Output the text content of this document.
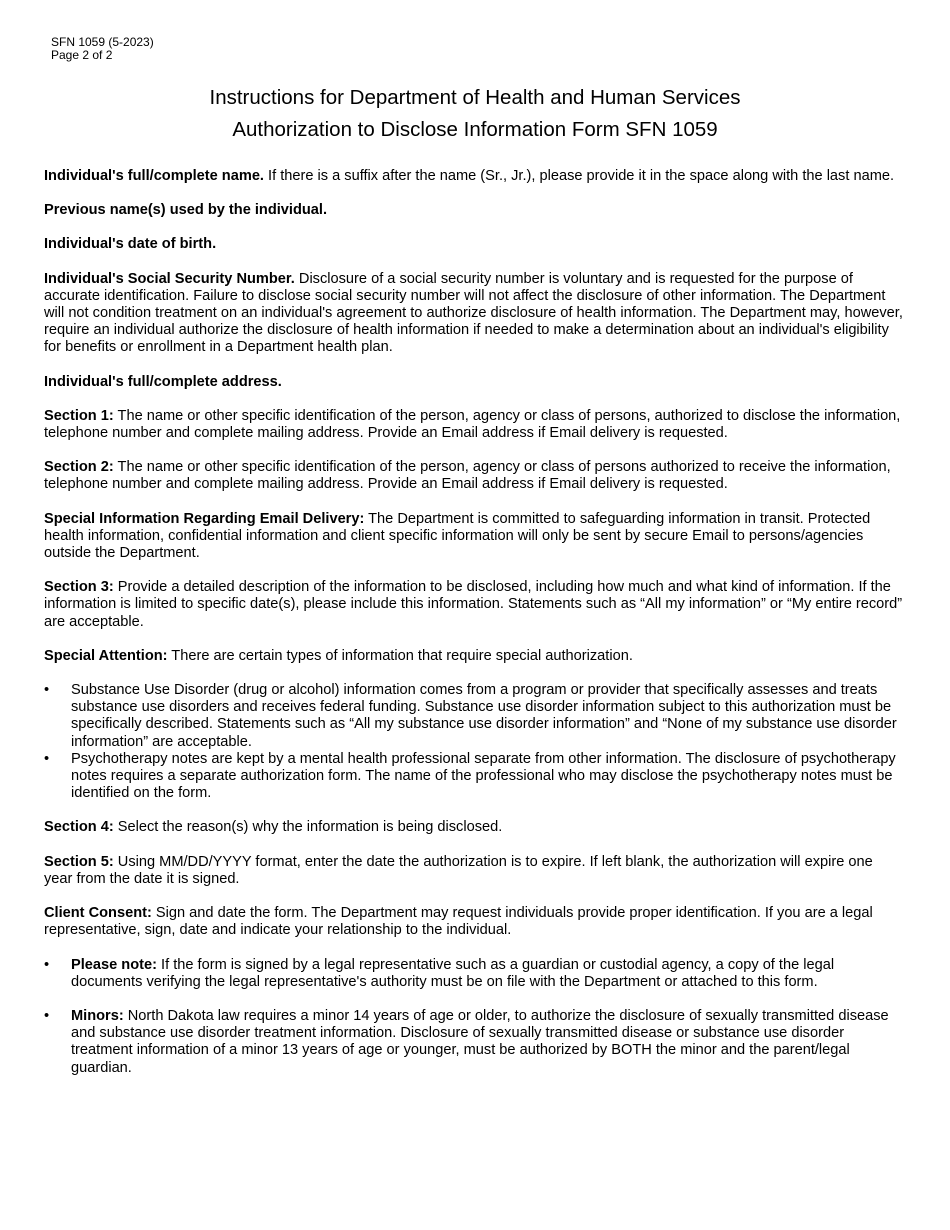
SFN 1059 (5-2023)
Page 2 of 2
Instructions for Department of Health and Human Services
Authorization to Disclose Information Form SFN 1059

Individual's full/complete name. If there is a suffix after the name (Sr., Jr.), please provide it in the space along with the last name.

Previous name(s) used by the individual.

Individual's date of birth.

Individual's Social Security Number. Disclosure of a social security number is voluntary and is requested for the purpose of accurate identification. Failure to disclose social security number will not affect the disclosure of other information. The Department will not condition treatment on an individual's agreement to authorize disclosure of health information. The Department may, however, require an individual authorize the disclosure of health information if needed to make a determination about an individual's eligibility for benefits or enrollment in a Department health plan.

Individual's full/complete address.

Section 1: The name or other specific identification of the person, agency or class of persons, authorized to disclose the information, telephone number and complete mailing address. Provide an Email address if Email delivery is requested.

Section 2: The name or other specific identification of the person, agency or class of persons authorized to receive the information, telephone number and complete mailing address. Provide an Email address if Email delivery is requested.

Special Information Regarding Email Delivery: The Department is committed to safeguarding information in transit. Protected health information, confidential information and client specific information will only be sent by secure Email to persons/agencies outside the Department.

Section 3: Provide a detailed description of the information to be disclosed, including how much and what kind of information. If the information is limited to specific date(s), please include this information. Statements such as “All my information” or “My entire record” are acceptable.

Special Attention: There are certain types of information that require special authorization.

• Substance Use Disorder (drug or alcohol) information comes from a program or provider that specifically assesses and treats substance use disorders and receives federal funding. Substance use disorder information subject to this authorization must be specifically described. Statements such as “All my substance use disorder information” and “None of my substance use disorder information” are acceptable.
• Psychotherapy notes are kept by a mental health professional separate from other information. The disclosure of psychotherapy notes requires a separate authorization form. The name of the professional who may disclose the psychotherapy notes must be identified on the form.

Section 4: Select the reason(s) why the information is being disclosed.

Section 5: Using MM/DD/YYYY format, enter the date the authorization is to expire. If left blank, the authorization will expire one year from the date it is signed.

Client Consent: Sign and date the form. The Department may request individuals provide proper identification. If you are a legal representative, sign, date and indicate your relationship to the individual.

• Please note: If the form is signed by a legal representative such as a guardian or custodial agency, a copy of the legal documents verifying the legal representative's authority must be on file with the Department or attached to this form.
• Minors: North Dakota law requires a minor 14 years of age or older, to authorize the disclosure of sexually transmitted disease and substance use disorder treatment information. Disclosure of sexually transmitted disease or substance use disorder treatment information of a minor 13 years of age or younger, must be authorized by BOTH the minor and the parent/legal guardian.
